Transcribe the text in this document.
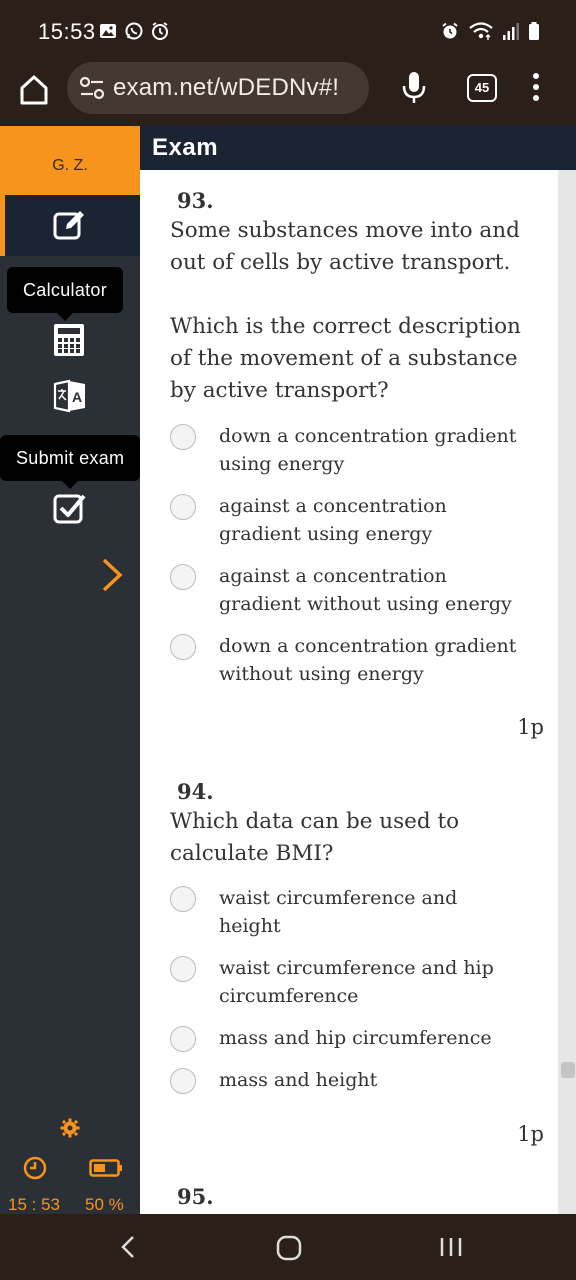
15:53
exam.net/wDEDNv#!	45
G. Z.
Calculator
A
Submit exam
15 : 53 50 %
Exam
93.
Some substances move into and out of cells by active transport.
Which is the correct description of the movement of a substance by active transport?
down a concentration gradient using energy
against a concentration gradient using energy
against a concentration gradient without using energy
down a concentration gradient without using energy
1p
94.
Which data can be used to calculate BMI?
waist circumference and height
waist circumference and hip circumference
mass and hip circumference
mass and height
1p
95.
